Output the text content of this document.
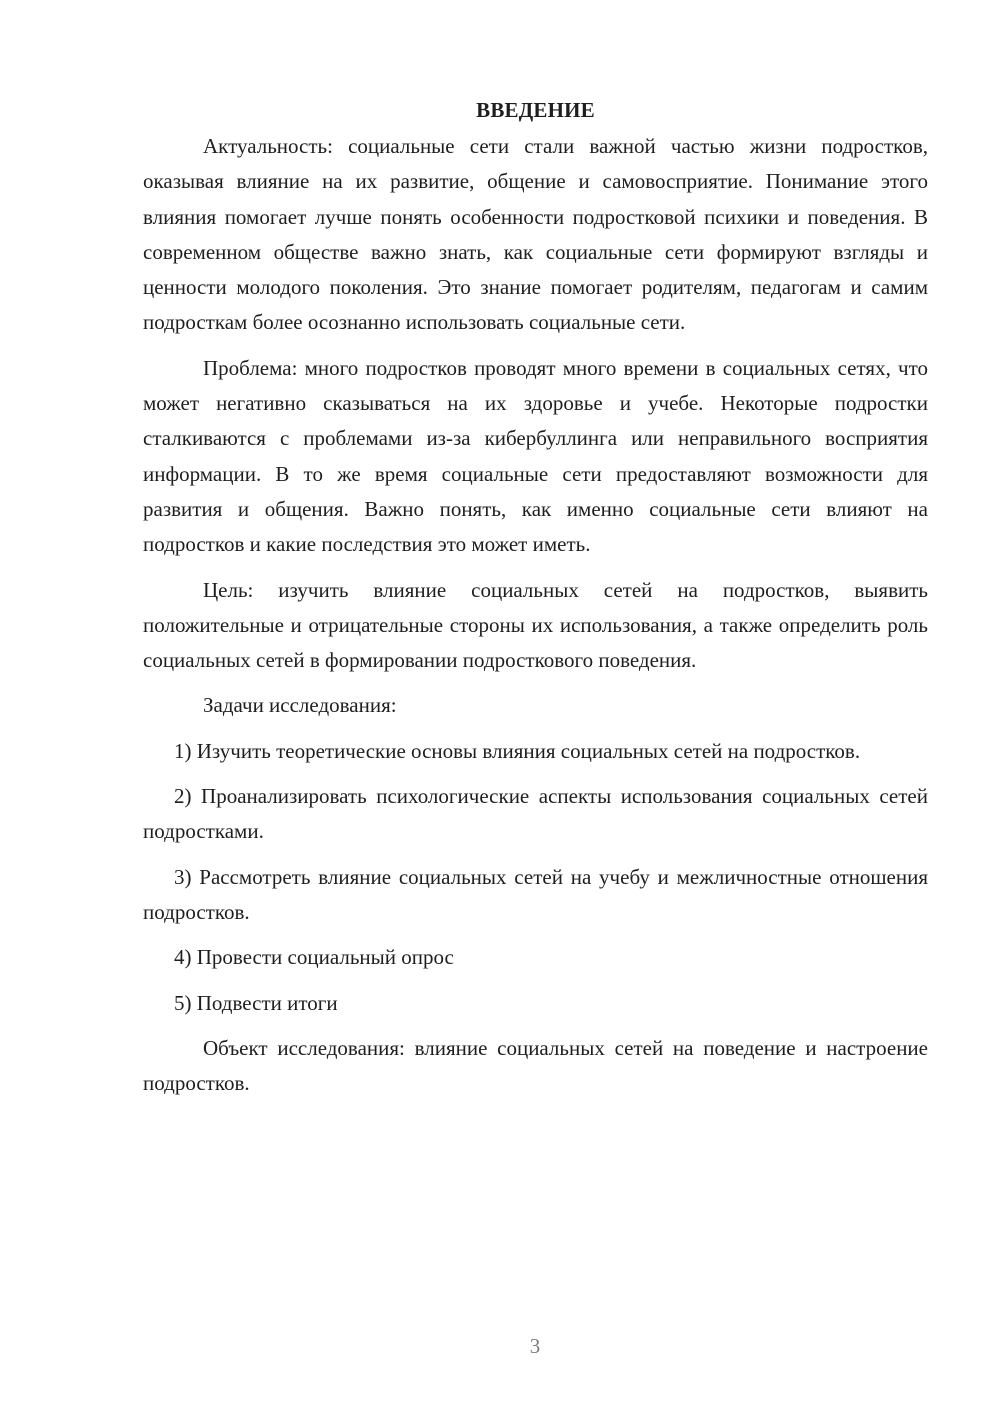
ВВЕДЕНИЕ

Актуальность: социальные сети стали важной частью жизни подростков, оказывая влияние на их развитие, общение и самовосприятие. Понимание этого влияния помогает лучше понять особенности подростковой психики и поведения. В современном обществе важно знать, как социальные сети формируют взгляды и ценности молодого поколения. Это знание помогает родителям, педагогам и самим подросткам более осознанно использовать социальные сети.

Проблема: много подростков проводят много времени в социальных сетях, что может негативно сказываться на их здоровье и учебе. Некоторые подростки сталкиваются с проблемами из-за кибербуллинга или неправильного восприятия информации. В то же время социальные сети предоставляют возможности для развития и общения. Важно понять, как именно социальные сети влияют на подростков и какие последствия это может иметь.

Цель: изучить влияние социальных сетей на подростков, выявить положительные и отрицательные стороны их использования, а также определить роль социальных сетей в формировании подросткового поведения.

Задачи исследования:

1) Изучить теоретические основы влияния социальных сетей на подростков.

2) Проанализировать психологические аспекты использования социальных сетей подростками.

3) Рассмотреть влияние социальных сетей на учебу и межличностные отношения подростков.

4) Провести социальный опрос

5) Подвести итоги

Объект исследования: влияние социальных сетей на поведение и настроение подростков.

3
